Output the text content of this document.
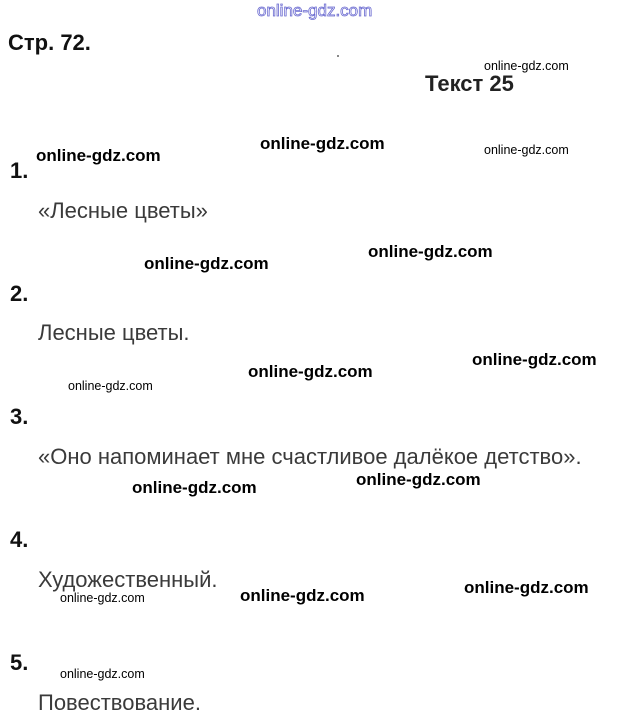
Стр. 72.
Текст 25
1.
«Лесные цветы»
2.
Лесные цветы.
3.
«Оно напоминает мне счастливое далёкое детство».
4.
Художественный.
5.
Повествование.
online-gdz.com
online-gdz.com
online-gdz.com	online-gdz.com
online-gdz.com
online-gdz.com
online-gdz.com
online-gdz.com
online-gdz.com
online-gdz.com
online-gdz.com
online-gdz.com
online-gdz.com
online-gdz.com
online-gdz.com
online-gdz.com
